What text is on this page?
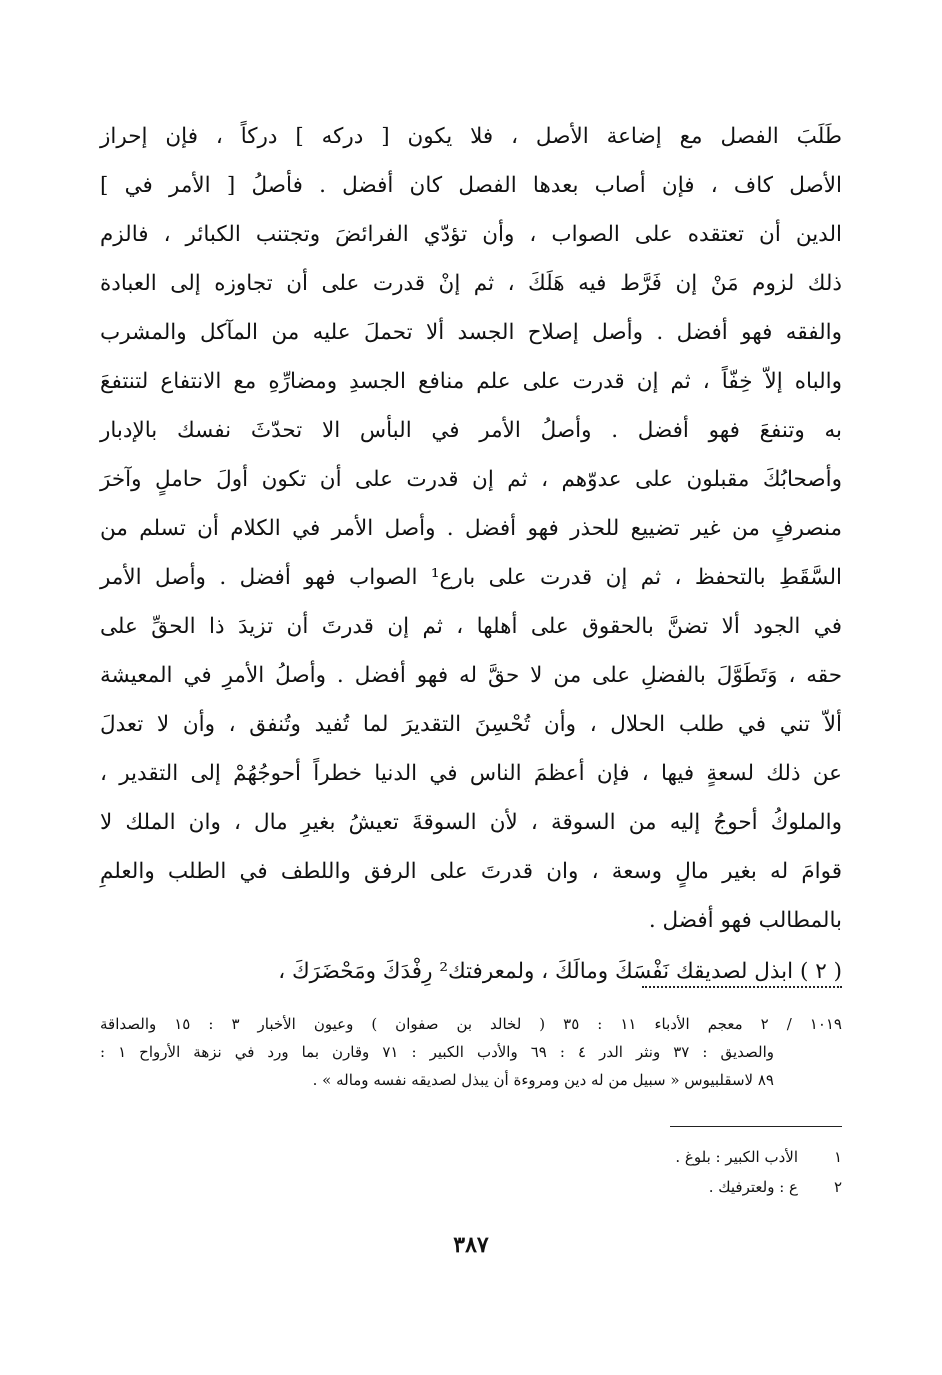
طَلَبَ الفصل مع إضاعة الأصل ، فلا يكون [ دركه ] دركاً ، فإن إحراز
الأصل كاف ، فإن أصاب بعدها الفصل كان أفضل . فأصلُ [ الأمر في ]
الدين أن تعتقده على الصواب ، وأن تؤدّي الفرائضَ وتجتنب الكبائر ، فالزم
ذلك لزوم مَنْ إن فَرَّط فيه هَلَكَ ، ثم إنْ قدرت على أن تجاوزه إلى العبادة
والفقه فهو أفضل . وأصل إصلاح الجسد ألا تحملَ عليه من المآكل والمشرب
والباه إلاّ خِفّاً ، ثم إن قدرت على علم منافع الجسدِ ومضارِّهِ مع الانتفاع لتنتفعَ
به وتنفعَ فهو أفضل . وأصلُ الأمر في البأس الا تحدّثَ نفسك بالإدبار
وأصحابُكَ مقبلون على عدوّهم ، ثم إن قدرت على أن تكون أولَ حاملٍ وآخرَ
منصرفٍ من غير تضييع للحذر فهو أفضل . وأصل الأمر في الكلام أن تسلم من
السَّقَطِ بالتحفظ ، ثم إن قدرت على بارع¹ الصواب فهو أفضل . وأصل الأمر
في الجود ألا تضنَّ بالحقوق على أهلها ، ثم إن قدرتَ أن تزيدَ ذا الحقِّ على
حقه ، وَتَطَوَّلَ بالفضلِ على من لا حقَّ له فهو أفضل . وأصلُ الأمرِ في المعيشة
ألاّ تني في طلب الحلال ، وأن تُحْسِنَ التقديرَ لما تُفيد وتُنفق ، وأن لا تعدلَ
عن ذلك لسعةٍ فيها ، فإن أعظمَ الناس في الدنيا خطراً أحوجُهُمْ إلى التقدير ،
والملوكُ أحوجُ إليه من السوقة ، لأن السوقةَ تعيشُ بغيرِ مال ، وان الملك لا
قوامَ له بغير مالٍ وسعة ، وان قدرتَ على الرفق واللطف في الطلب والعلمِ
بالمطالب فهو أفضل .
( ٢ ) ابذل لصديقك نَفْسَكَ ومالَكَ ، ولمعرفتك² رِفْدَكَ ومَحْضَرَكَ ،
١٠١٩ / ٢ معجم الأدباء ١١ : ٣٥ ( لخالد بن صفوان ) وعيون الأخبار ٣ : ١٥ والصداقة
والصديق : ٣٧ ونثر الدر ٤ : ٦٩ والأدب الكبير : ٧١ وقارن بما ورد في نزهة الأرواح ١ :
٨٩ لاسقلبيوس « سبيل من له دين ومروءة أن يبذل لصديقه نفسه وماله » .
١
الأدب الكبير : بلوغ .
٢
ع : ولعترفيك .
٣٨٧
